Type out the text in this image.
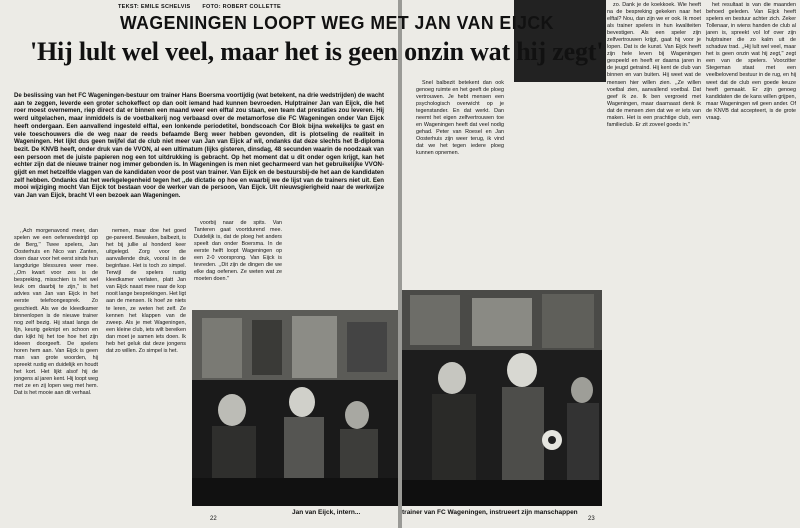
TEKST: EMILE SCHELVIS FOTO: ROBERT COLLETTE
De beslissing van het FC Wageningen-bestuur om trainer Hans Boersma voortijdig (wat betekent, na drie wedstrijden) de wacht aan te zeggen, leverde een groter schokeffect op dan ooit iemand had kunnen bevroeden. Hulptrainer Jan van Eijck, die het roer moest overnemen, riep direct dat er binnen een maand weer een elftal zou staan, een team dat prestaties zou leveren. Hij werd uitgelachen, maar inmiddels is de voetbalkerij nog verbaasd over de metamorfose die FC Wageningen onder Van Eijck heeft ondergaan. Een aanvallend ingesteld elftal, een lonkende periodetitel, bondscoach Cor Blok bijna wekelijks te gast en vele toeschouwers die de weg naar de reeds befaamde Berg weer hebben gevonden, dit is plotseling de realiteit in Wageningen. Het lijkt dus geen twijfel dat de club niet meer van Jan van Eijck af wil, ondanks dat deze slechts het B-diploma bezit. De KNVB heeft, onder druk van de VVON, al een ultimatum (lijks gisteren, dinsdag, 48 secunden waarin de noodzaak van een persoon met de juiste papieren nog een tot uitdrukking is gebracht. Op het moment dat u dit onder ogen krijgt, kan het echter zijn dat de nieuwe trainer nog immer gebonden is. In Wageningen is men niet gecharmeerd van het gebruikelijke VVON-gijdt en met hetzelfde vlaggen van de kandidaten voor de post van trainer. Van Eijck en de bestuursbij-de het aan de kandidaten zelf hebben. Ondanks dat het werkgelegenheid tegen het ,,de dictatie op hoe en waarbij we de lijst van de trainers niet uit. Een mooi wijziging mocht Van Eijck tot bestaan voor de werker van de persoon, Van Eijck. Uit nieuwsgierigheid naar de werkwijze van Jan van Eijck, bracht VI een bezoek aan Wageningen.

,,Ach morgenavond meer, dan spelen we een oefenwedstrijd op de Berg,'' Twee spelers, Jan Oosterhuis en Nico van Zanten, doen daar voor het eerst sinds hun langdurige blessures weer mee. ,,Om kwart voor zes is de bespreking, misschien is het wel leuk om daarbij te zijn,'' is het advies van Jan van Eijck in het eerste telefoongesprek. Zo geschiedt. Als we de kleedkamer binnenlopen is de nieuwe trainer nog zelf bezig. Hij staat langs de lijn, keurig geknipt en schoon en dan kijkt hij het toe hoe het zijn ideeen doorgeeft. De spelers horen hem aan. Van Eijck is geen man van grote woorden, hij spreekt rustig en duidelijk en houdt het kort. Het lijkt alsof hij de jongens al jaren kent. Hij loopt weg met ze en zij lopen weg met hem. Dat is het mooie aan dit verhaal.

nemen, maar doe het goed ge-pareerd. Bewaken, balbezit, is het bij jullie al honderd keer uitgelegd. Zorg voor die aanvallende druk, vooral in de beginfase. Het is toch zo simpel. Terwijl de spelers rustig kleedkamer verlaten, platt Jan van Eijck naast mee naar de kop nooit lange besprekingen. Het ligt aan de mensen. Ik hoef ze niets te leren, ze weten het zelf. Ze kennen het klappen van de zweep. Als je met Wageningen, een kleine club, iets wilt bereiken dan moet je samen iets doen. Ik heb het geluk dat deze jongens dat zo willen. Zo simpel is het.

voorbij naar de spits. Van Tanteren gaat voortdurend mee. Duidelijk is, dat de ploeg het anders speelt dan onder Boersma. In de eerste helft loopt Wageningen op een 2-0 voorsprong. Van Eijck is tevreden. ,,Dit zijn de dingen die we elke dag oefenen. Ze weten wat ze moeten doen.''

Jan van Eijck, intern...
22

Snel balbezit betekent dan ook genoeg ruimte en het geeft de ploeg vertrouwen. Je hebt mensen een psychologisch overwicht op je tegenstander. En dat werkt. Dan neemt het eigen zelfvertrouwen toe en Wageningen heeft dat veel nodig gehad. Peter van Roesel en Jan Oosterhuis zijn weer terug, ik vind dat we het tegen iedere ploeg kunnen opnemen.

zo. Dank je de koekkoek. Wie heeft na de bespreking gekeken naar het elftal? Nou, dan zijn we er ook. Ik moet als trainer spelers in hun kwaliteiten bevestigen. Als een speler zijn zelfvertrouwen krijgt, gaat hij voor je lopen. Dat is de kunst. Van Eijck heeft zijn hele leven bij Wageningen gespeeld en heeft er daarna jaren in de jeugd getraind. Hij kent de club van binnen en van buiten. Hij weet wat de mensen hier willen zien. ,,Ze willen voetbal zien, aanvallend voetbal. Dat geef ik ze. Ik ben vergroeid met Wageningen, maar daarnaast denk ik dat de mensen zien dat we er iets van maken. Het is een prachtige club, een familieclub. Er zit zoveel goeds in.''

het resultaat is van die maanden behoed geleden. Van Eijck heeft spelers en bestuur achter zich. Zeker Tollenaar, in wiens handen de club al jaren is, spreekt vol lof over zijn hulptrainer die zo kalm uit de schaduw trad. ,,Hij lult wel veel, maar het is geen onzin wat hij zegt,'' zegt een van de spelers. Voorzitter Stegeman staat met een veelbelovend bestuur in de rug, en hij weet dat de club een goede keuze heeft gemaakt. Er zijn genoeg kandidaten die de kans willen grijpen, maar Wageningen wil geen ander. Of de KNVB dat accepteert, is de grote vraag.

trainer van FC Wageningen, instrueert zijn manschappen
23
WAGENINGEN LOOPT WEG MET JAN VAN EIJCK
'Hij lult wel veel, maar het is geen onzin wat hij zegt'
